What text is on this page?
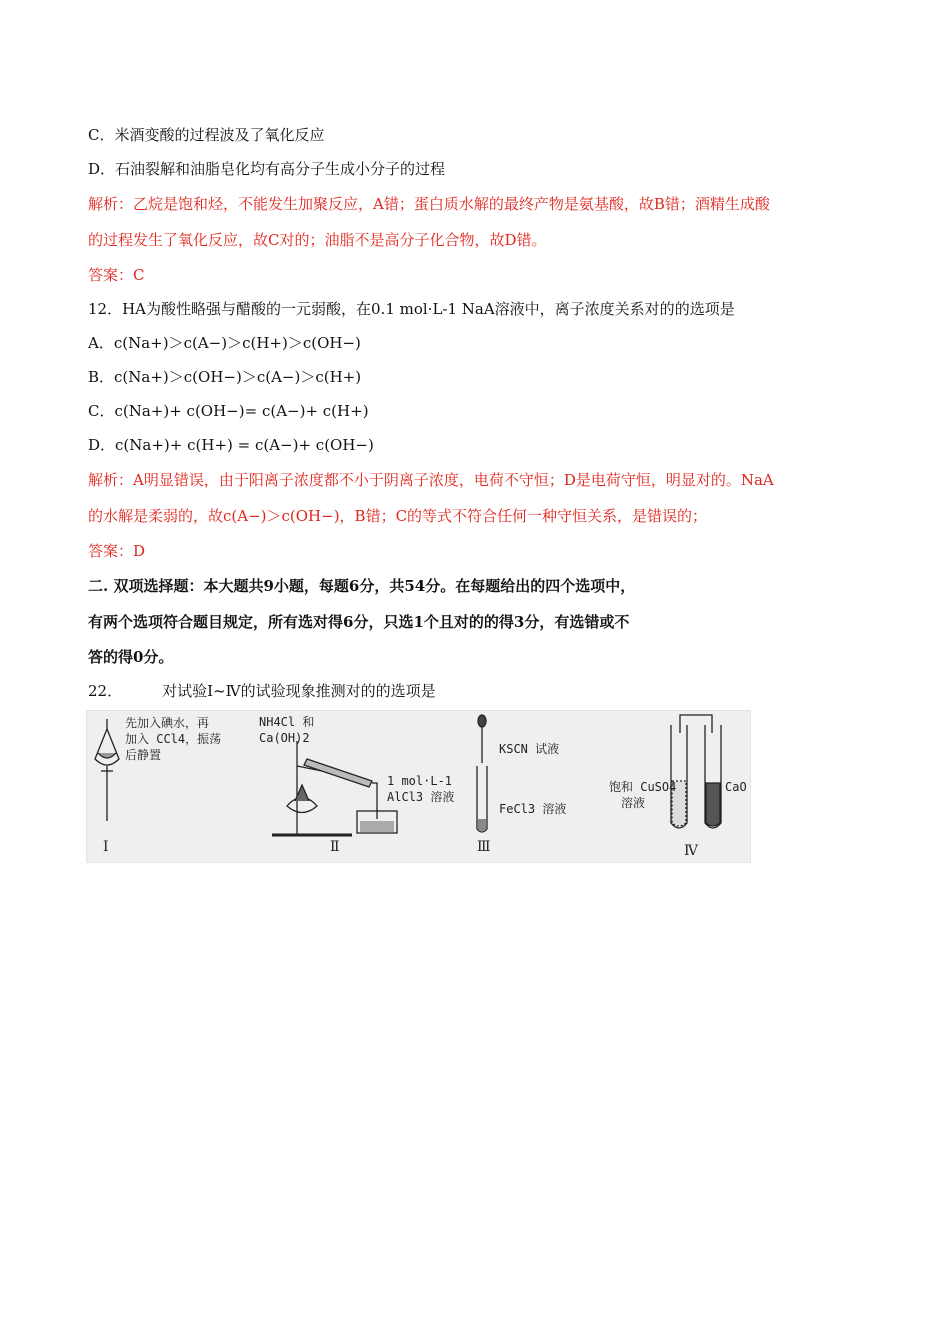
C．米酒变酸的过程波及了氧化反应
D．石油裂解和油脂皂化均有高分子生成小分子的过程
解析：乙烷是饱和烃，不能发生加聚反应，A错；蛋白质水解的最终产物是氨基酸，故B错；酒精生成酸
的过程发生了氧化反应，故C对的；油脂不是高分子化合物，故D错。
答案：C
12．HA为酸性略强与醋酸的一元弱酸，在0.1 mol·L-1 NaA溶液中，离子浓度关系对的的选项是
A．c(Na+)＞c(A−)＞c(H+)＞c(OH−)
B．c(Na+)＞c(OH−)＞c(A−)＞c(H+)
C．c(Na+)+ c(OH−)= c(A−)+ c(H+)
D．c(Na+)+ c(H+) = c(A−)+ c(OH−)
解析：A明显错误，由于阳离子浓度都不小于阴离子浓度，电荷不守恒；D是电荷守恒，明显对的。NaA
的水解是柔弱的，故c(A−)＞c(OH−)，B错；C的等式不符合任何一种守恒关系，是错误的；
答案：D
二. 双项选择题：本大题共9小题，每题6分，共54分。在每题给出的四个选项中，
有两个选项符合题目规定，所有选对得6分，只选1个且对的的得3分，有选错或不
答的得0分。
22．	对试验Ⅰ~Ⅳ的试验现象推测对的的选项是
先加入碘水，再
加入 CCl4，振荡
后静置
Ⅰ
NH4Cl 和
Ca(OH)2
1 mol·L-1
AlCl3 溶液
Ⅱ
KSCN 试液
FeCl3 溶液
Ⅲ
饱和 CuSO4
溶液
CaO
Ⅳ
